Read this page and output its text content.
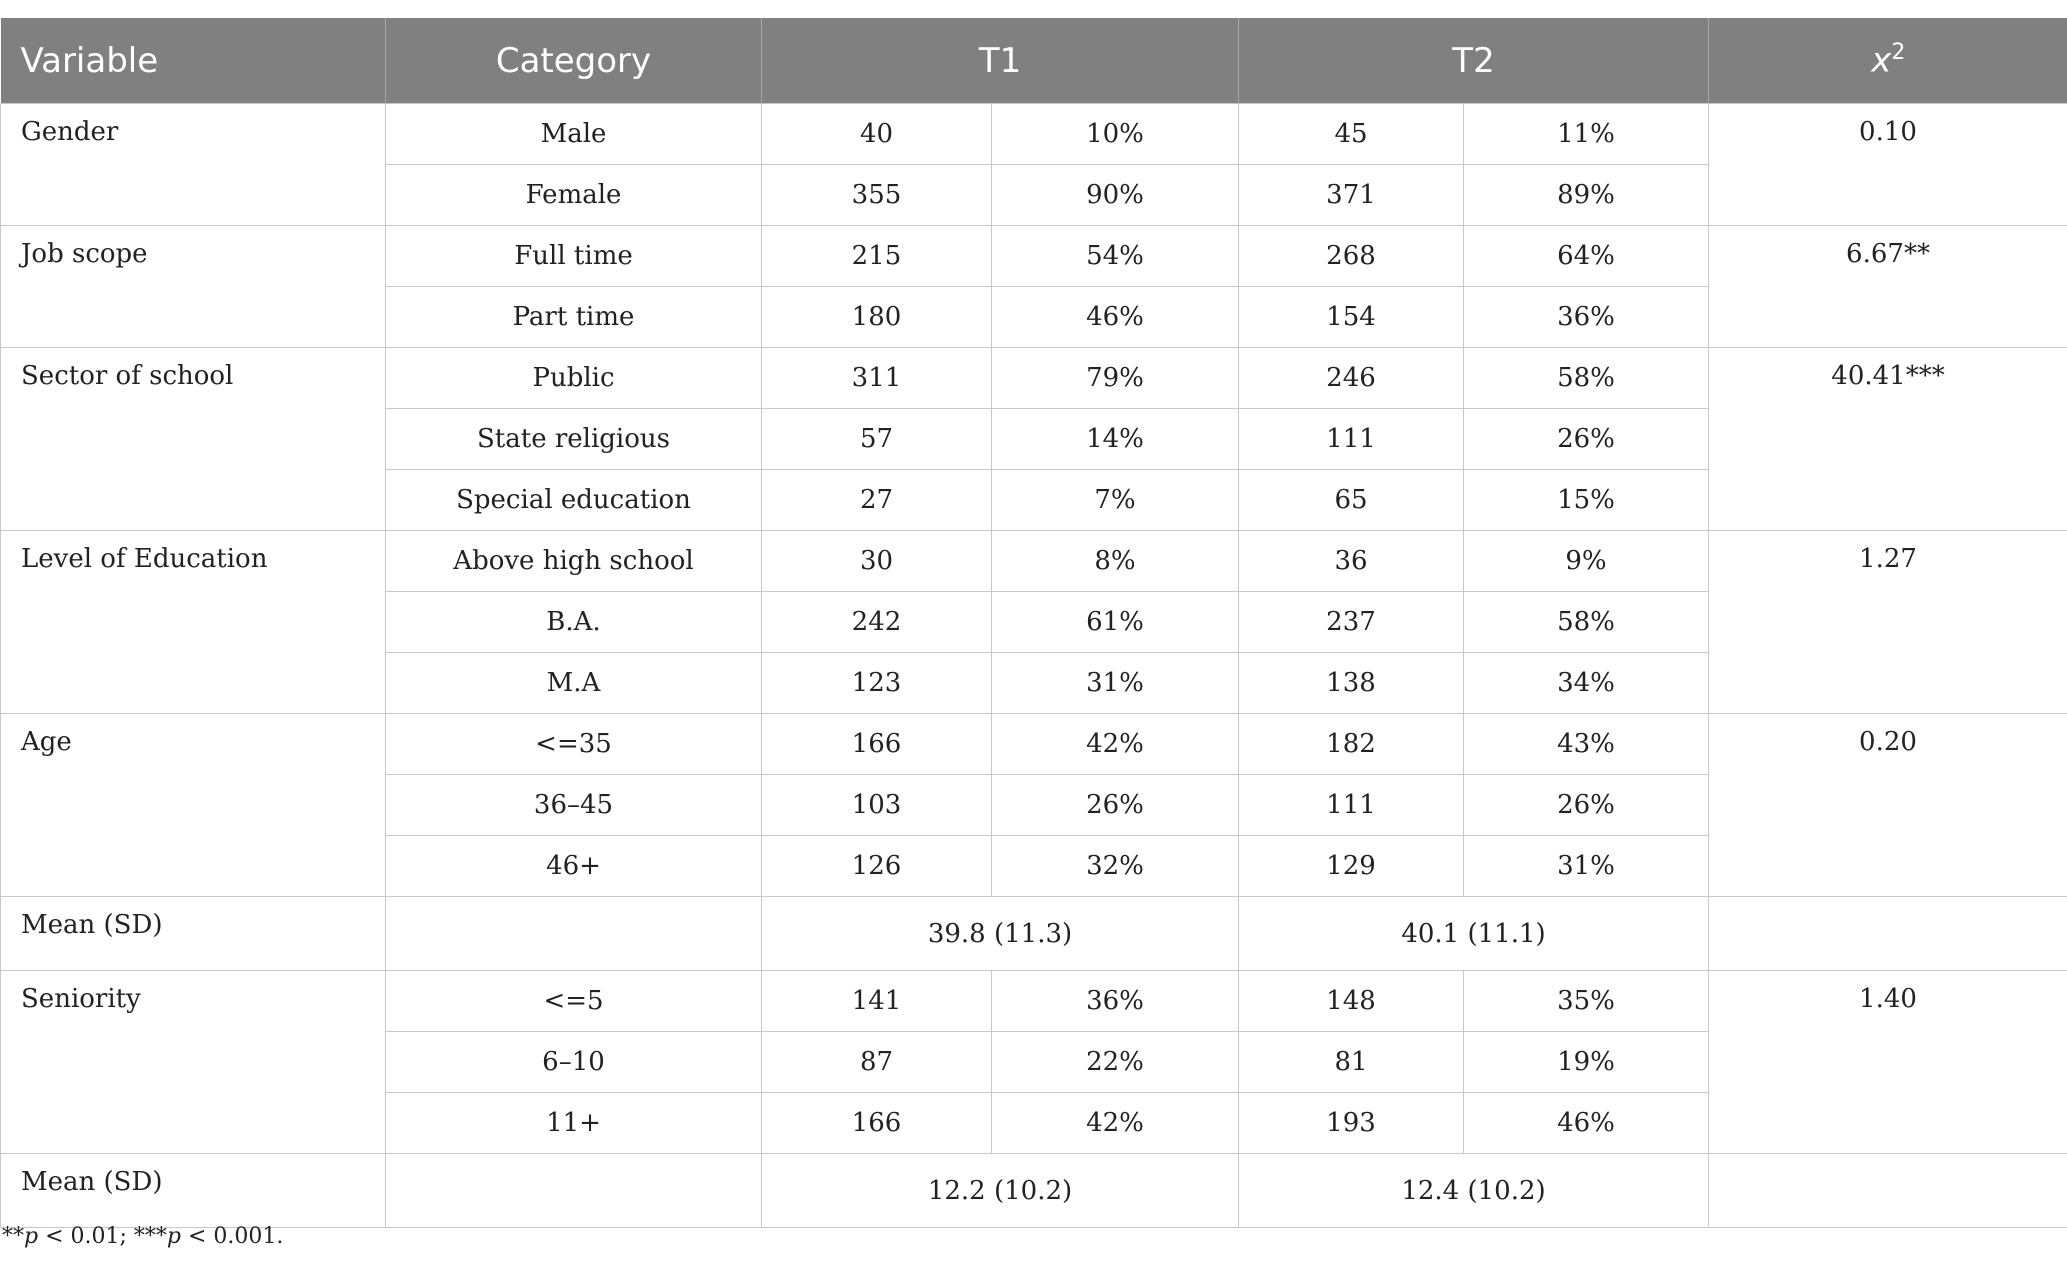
Variable	Category	T1		T2		$x^2$
Gender	Male	40	10%	45	11%	0.10
	Female	355	90%	371	89%	
Job scope	Full time	215	54%	268	64%	6.67**
	Part time	180	46%	154	36%	
Sector of school	Public	311	79%	246	58%	40.41***
	State religious	57	14%	111	26%	
	Special education	27	7%	65	15%	
Level of Education	Above high school	30	8%	36	9%	1.27
	B.A.	242	61%	237	58%	
	M.A	123	31%	138	34%	
Age	<=35	166	42%	182	43%	0.20
	36–45	103	26%	111	26%	
	46+	126	32%	129	31%	
Mean (SD)		39.8 (11.3)		40.1 (11.1)		
Seniority	<=5	141	36%	148	35%	1.40
	6–10	87	22%	81	19%	
	11+	166	42%	193	46%	
Mean (SD)		12.2 (10.2)		12.4 (10.2)		
**p < 0.01; ***p < 0.001.
